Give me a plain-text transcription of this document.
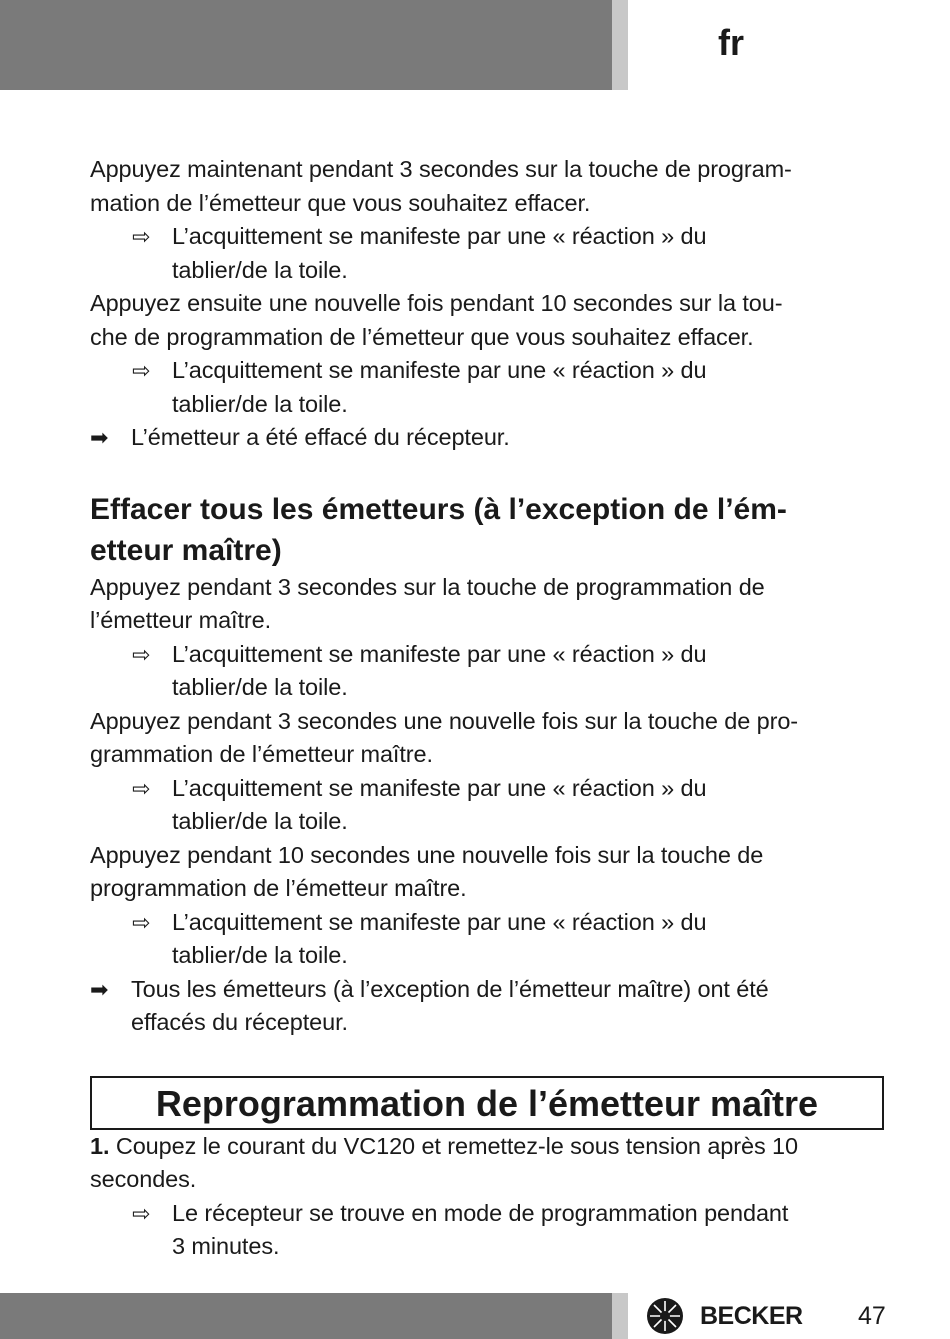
fr

Appuyez maintenant pendant 3 secondes sur la touche de program-
mation de l’émetteur que vous souhaitez effacer.

⇨ L’acquittement se manifeste par une « réaction » du
tablier/de la toile.

Appuyez ensuite une nouvelle fois pendant 10 secondes sur la tou-
che de programmation de l’émetteur que vous souhaitez effacer.

⇨ L’acquittement se manifeste par une « réaction » du
tablier/de la toile.

➡ L’émetteur a été effacé du récepteur.

Effacer tous les émetteurs (à l’exception de l’ém-
etteur maître)

Appuyez pendant 3 secondes sur la touche de programmation de
l’émetteur maître.

⇨ L’acquittement se manifeste par une « réaction » du
tablier/de la toile.

Appuyez pendant 3 secondes une nouvelle fois sur la touche de pro-
grammation de l’émetteur maître.

⇨ L’acquittement se manifeste par une « réaction » du
tablier/de la toile.

Appuyez pendant 10 secondes une nouvelle fois sur la touche de
programmation de l’émetteur maître.

⇨ L’acquittement se manifeste par une « réaction » du
tablier/de la toile.

➡ Tous les émetteurs (à l’exception de l’émetteur maître) ont été
effacés du récepteur.

Reprogrammation de l’émetteur maître

1. Coupez le courant du VC120 et remettez-le sous tension après 10
secondes.

⇨ Le récepteur se trouve en mode de programmation pendant
3 minutes.

BECKER 47
